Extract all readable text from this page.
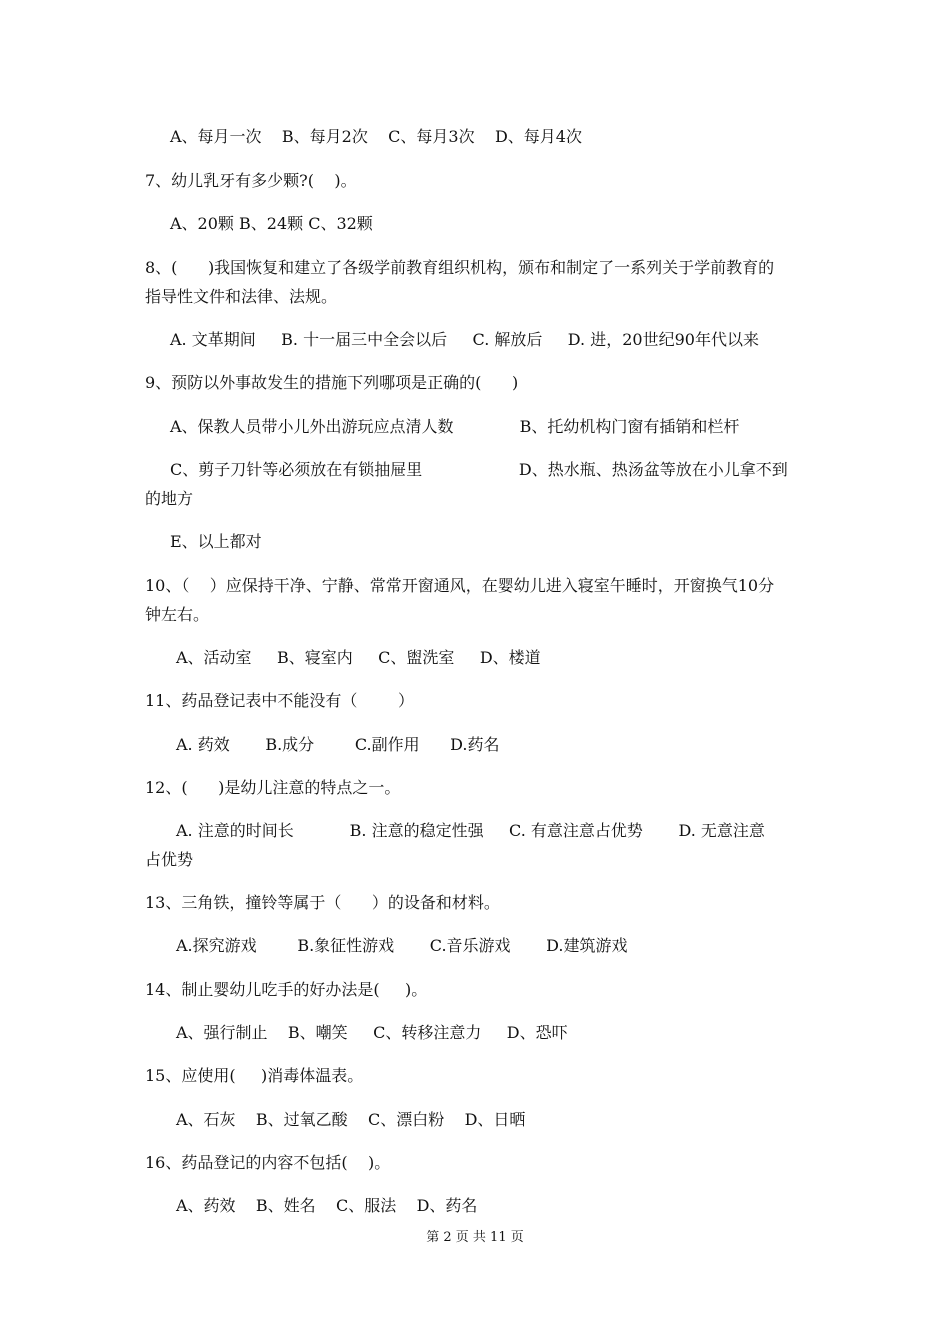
A、每月一次    B、每月2次    C、每月3次    D、每月4次
7、幼儿乳牙有多少颗?(    )。
A、20颗 B、24颗 C、32颗
8、(      )我国恢复和建立了各级学前教育组织机构，颁布和制定了一系列关于学前教育的
指导性文件和法律、法规。
A. 文革期间     B. 十一届三中全会以后     C. 解放后     D. 进，20世纪90年代以来
9、预防以外事故发生的措施下列哪项是正确的(      )
A、保教人员带小儿外出游玩应点清人数             B、托幼机构门窗有插销和栏杆
C、剪子刀针等必须放在有锁抽屉里                   D、热水瓶、热汤盆等放在小儿拿不到
的地方
E、以上都对
10、（    ）应保持干净、宁静、常常开窗通风，在婴幼儿进入寝室午睡时，开窗换气10分
钟左右。
A、活动室     B、寝室内     C、盥洗室     D、楼道
11、药品登记表中不能没有（        ）
A. 药效       B.成分        C.副作用      D.药名
12、(      )是幼儿注意的特点之一。
A. 注意的时间长           B. 注意的稳定性强     C. 有意注意占优势       D. 无意注意
占优势
13、三角铁，撞铃等属于（      ）的设备和材料。
A.探究游戏        B.象征性游戏       C.音乐游戏       D.建筑游戏
14、制止婴幼儿吃手的好办法是(     )。
A、强行制止    B、嘲笑     C、转移注意力     D、恐吓
15、应使用(     )消毒体温表。
A、石灰    B、过氧乙酸    C、漂白粉    D、日晒
16、药品登记的内容不包括(    )。
A、药效    B、姓名    C、服法    D、药名
第 2 页 共 11 页
